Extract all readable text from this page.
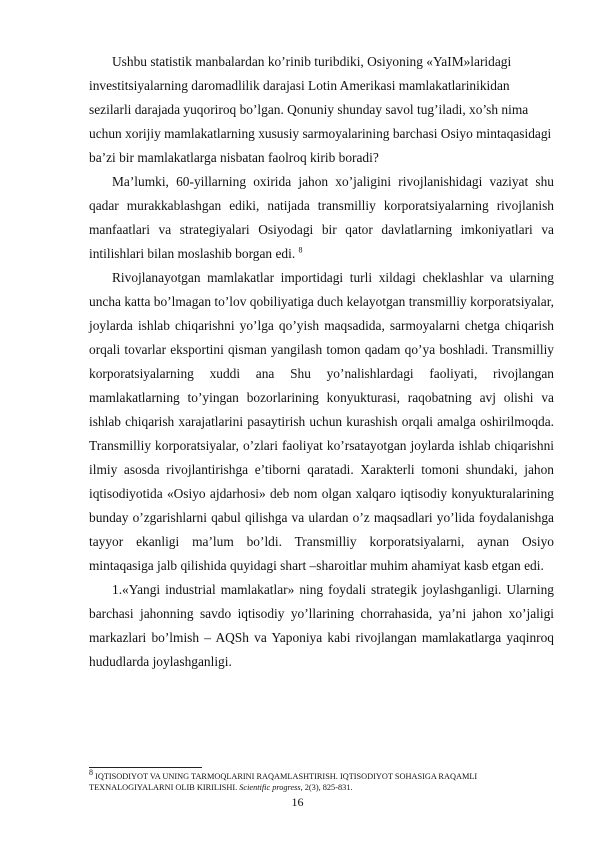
Ushbu statistik manbalardan ko’rinib turibdiki, Osiyoning «YaIM»laridagi investitsiyalarning daromadlilik darajasi Lotin Amerikasi mamlakatlarinikidan sezilarli darajada yuqoriroq bo’lgan. Qonuniy shunday savol tug’iladi, xo’sh nima uchun xorijiy mamlakatlarning xususiy sarmoyalarining barchasi Osiyo mintaqasidagi ba’zi bir mamlakatlarga nisbatan faolroq kirib boradi?

Ma’lumki, 60-yillarning oxirida jahon xo’jaligini rivojlanishidagi vaziyat shu qadar murakkablashgan ediki, natijada transmilliy korporatsiyalarning rivojlanish manfaatlari va strategiyalari Osiyodagi bir qator davlatlarning imkoniyatlari va intilishlari bilan moslashib borgan edi. $^8$

Rivojlanayotgan mamlakatlar importidagi turli xildagi cheklashlar va ularning uncha katta bo’lmagan to’lov qobiliyatiga duch kelayotgan transmilliy korporatsiyalar, joylarda ishlab chiqarishni yo’lga qo’yish maqsadida, sarmoyalarni chetga chiqarish orqali tovarlar eksportini qisman yangilash tomon qadam qo’ya boshladi. Transmilliy korporatsiyalarning xuddi ana Shu yo’nalishlardagi faoliyati, rivojlangan mamlakatlarning to’yingan bozorlarining konyukturasi, raqobatning avj olishi va ishlab chiqarish xarajatlarini pasaytirish uchun kurashish orqali amalga oshirilmoqda. Transmilliy korporatsiyalar, o’zlari faoliyat ko’rsatayotgan joylarda ishlab chiqarishni ilmiy asosda rivojlantirishga e’tiborni qaratadi. Xarakterli tomoni shundaki, jahon iqtisodiyotida «Osiyo ajdarhosi» deb nom olgan xalqaro iqtisodiy konyukturalarining bunday o’zgarishlarni qabul qilishga va ulardan o’z maqsadlari yo’lida foydalanishga tayyor ekanligi ma’lum bo’ldi. Transmilliy korporatsiyalarni, aynan Osiyo mintaqasiga jalb qilishida quyidagi shart –sharoitlar muhim ahamiyat kasb etgan edi.

1.«Yangi industrial mamlakatlar» ning foydali strategik joylashganligi. Ularning barchasi jahonning savdo iqtisodiy yo’llarining chorrahasida, ya’ni jahon xo’jaligi markazlari bo’lmish – AQSh va Yaponiya kabi rivojlangan mamlakatlarga yaqinroq hududlarda joylashganligi.

8 IQTISODIYOT VA UNING TARMOQLARINI RAQAMLASHTIRISH. IQTISODIYOT SOHASIGA RAQAMLI TEXNALOGIYALARNI OLIB KIRILISHI. Scientific progress, 2(3), 825-831.
16
